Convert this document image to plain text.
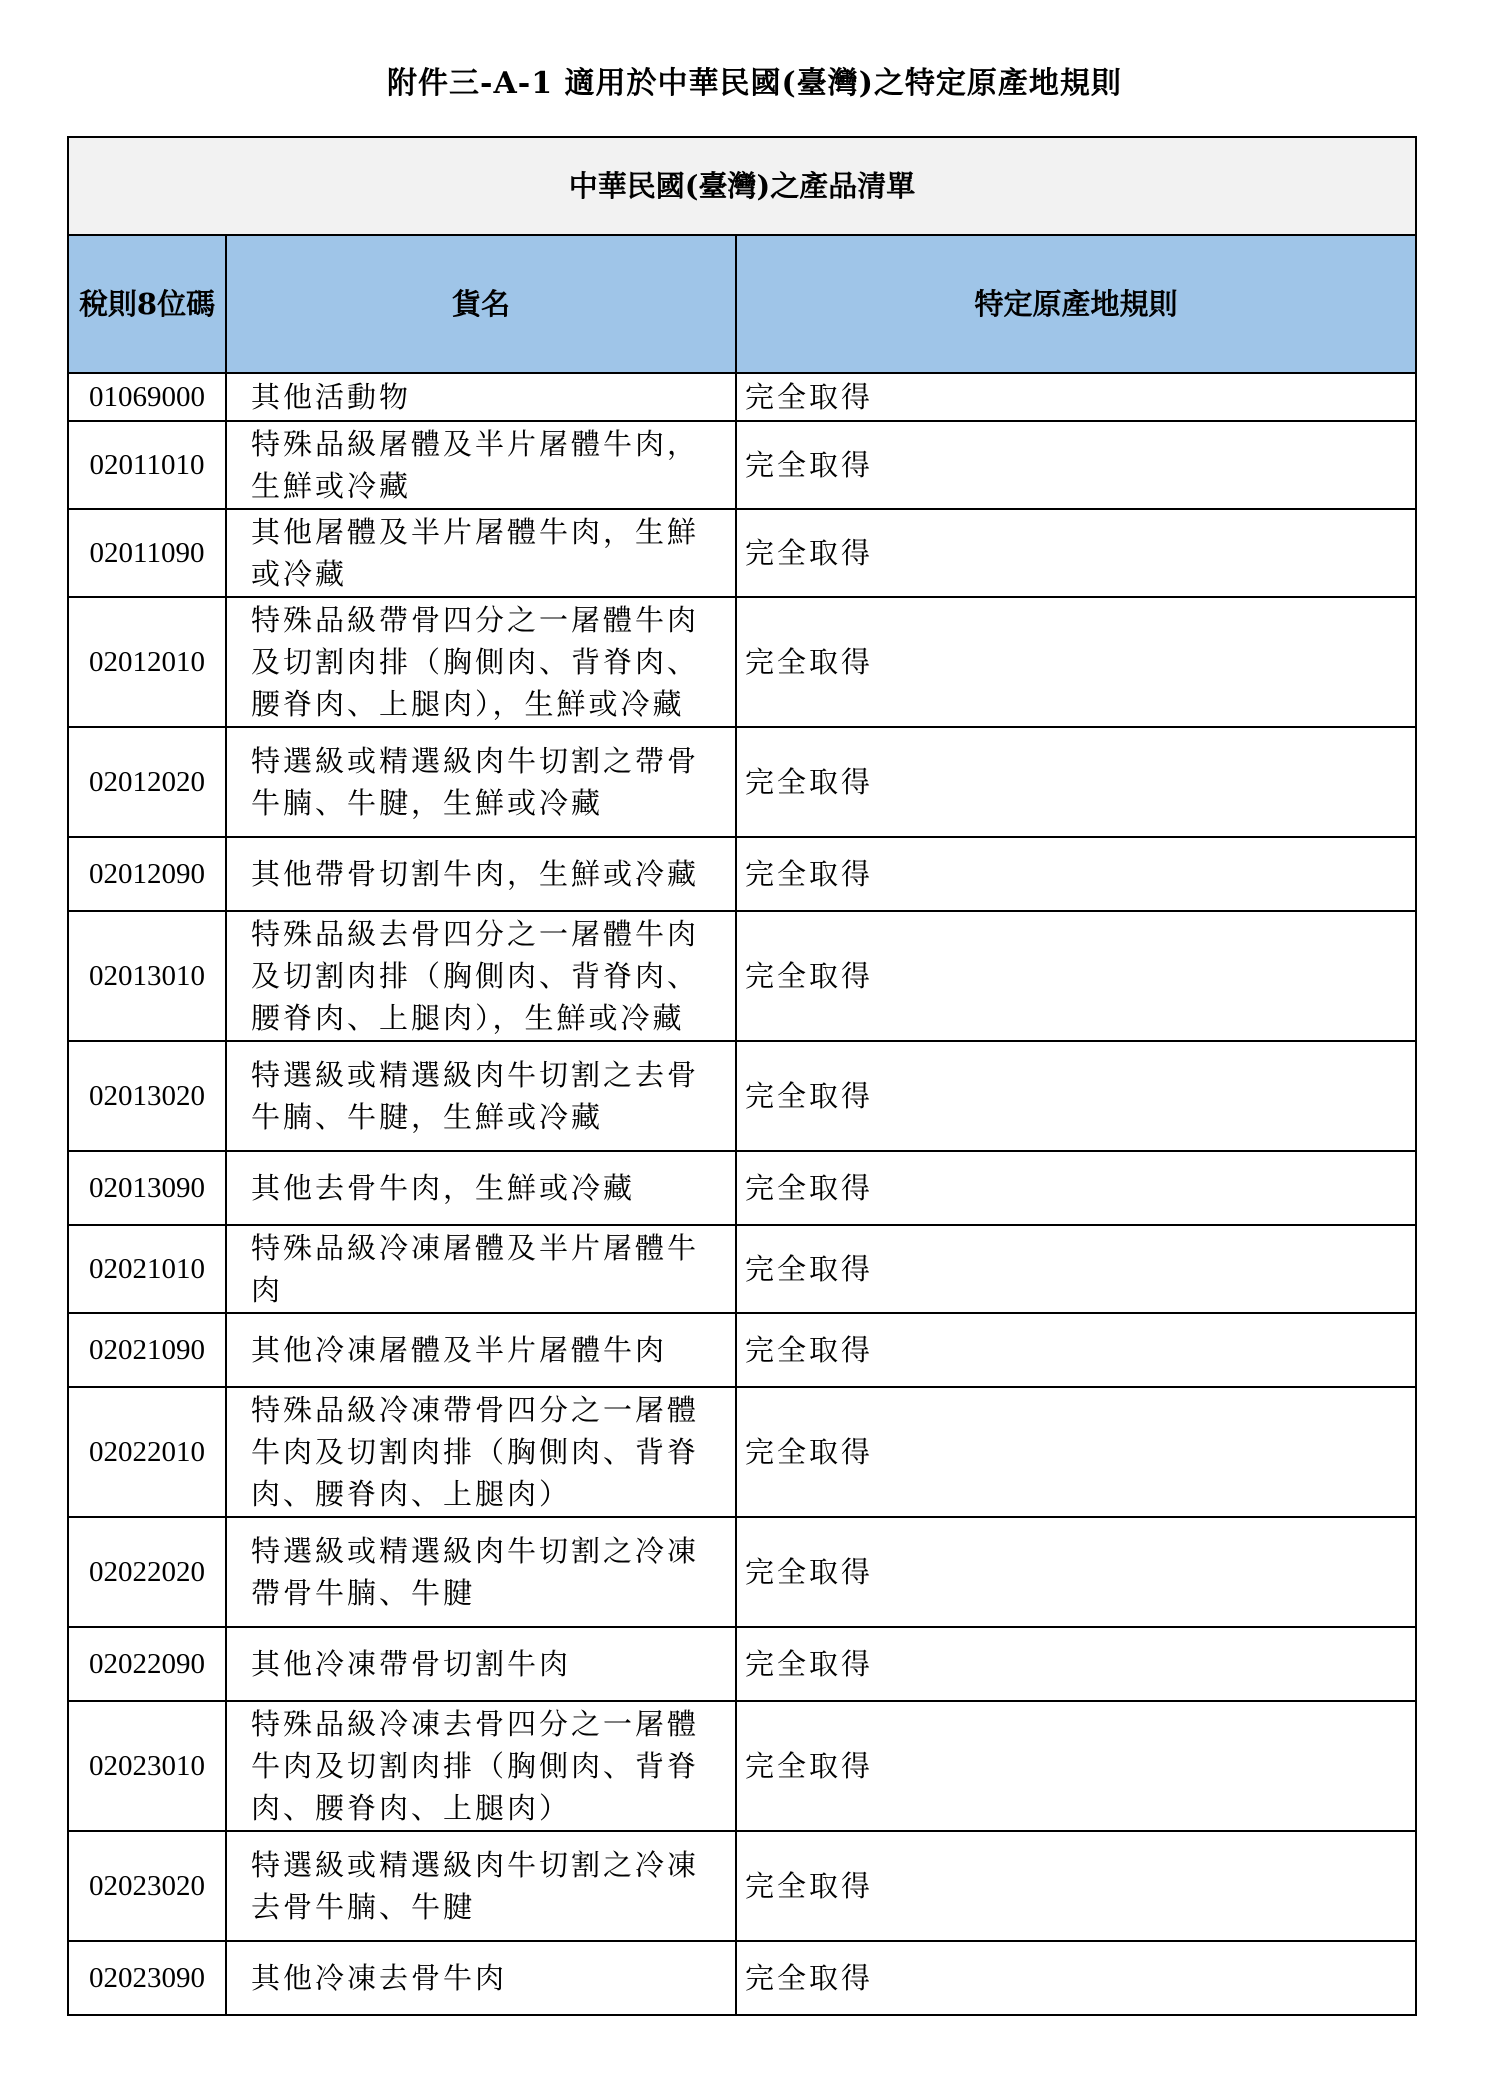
附件三-A-1 適用於中華民國(臺灣)之特定原產地規則
中華民國(臺灣)之產品清單		
稅則8位碼	貨名	特定原產地規則
01069000	其他活動物	完全取得
02011010	特殊品級屠體及半片屠體牛肉，生鮮或冷藏	完全取得
02011090	其他屠體及半片屠體牛肉，生鮮或冷藏	完全取得
02012010	特殊品級帶骨四分之一屠體牛肉及切割肉排（胸側肉、背脊肉、腰脊肉、上腿肉），生鮮或冷藏	完全取得
02012020	特選級或精選級肉牛切割之帶骨牛腩、牛腱，生鮮或冷藏	完全取得
02012090	其他帶骨切割牛肉，生鮮或冷藏	完全取得
02013010	特殊品級去骨四分之一屠體牛肉及切割肉排（胸側肉、背脊肉、腰脊肉、上腿肉），生鮮或冷藏	完全取得
02013020	特選級或精選級肉牛切割之去骨牛腩、牛腱，生鮮或冷藏	完全取得
02013090	其他去骨牛肉，生鮮或冷藏	完全取得
02021010	特殊品級冷凍屠體及半片屠體牛肉	完全取得
02021090	其他冷凍屠體及半片屠體牛肉	完全取得
02022010	特殊品級冷凍帶骨四分之一屠體牛肉及切割肉排（胸側肉、背脊肉、腰脊肉、上腿肉）	完全取得
02022020	特選級或精選級肉牛切割之冷凍帶骨牛腩、牛腱	完全取得
02022090	其他冷凍帶骨切割牛肉	完全取得
02023010	特殊品級冷凍去骨四分之一屠體牛肉及切割肉排（胸側肉、背脊肉、腰脊肉、上腿肉）	完全取得
02023020	特選級或精選級肉牛切割之冷凍去骨牛腩、牛腱	完全取得
02023090	其他冷凍去骨牛肉	完全取得
